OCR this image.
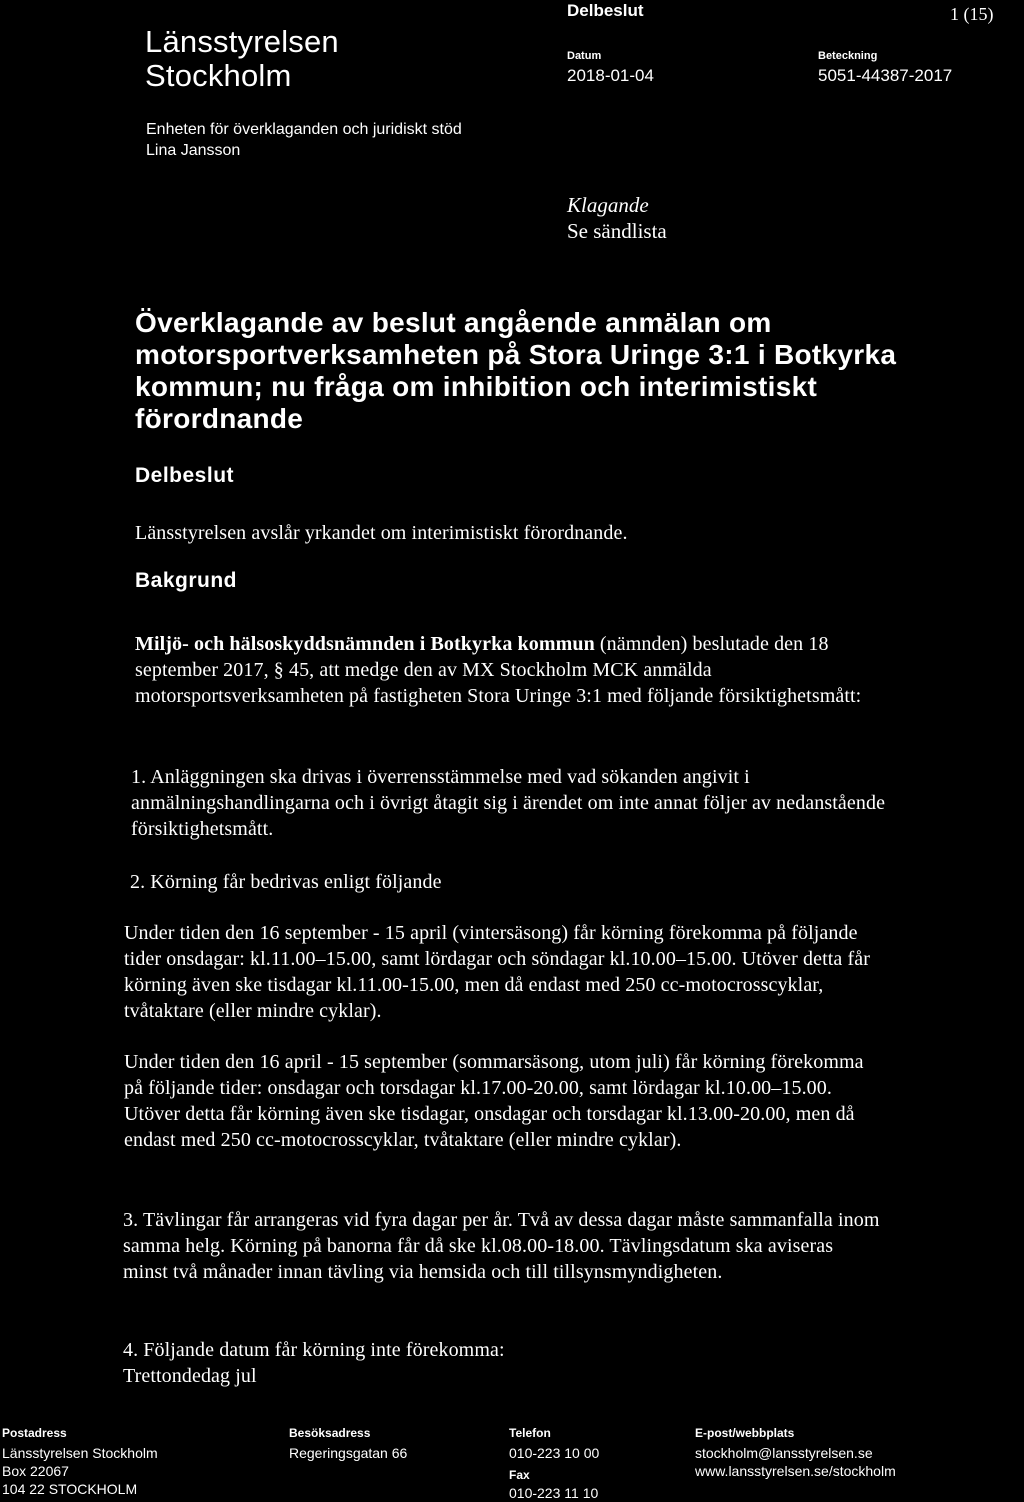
Länsstyrelsen
Stockholm
Delbeslut	1 (15)
Datum
2018-01-04
Beteckning
5051-44387-2017
Enheten för överklaganden och juridiskt stöd
Lina Jansson
Klagande
Se sändlista
Överklagande av beslut angående anmälan om motorsportverksamheten på Stora Uringe 3:1 i Botkyrka kommun; nu fråga om inhibition och interimistiskt förordnande
Delbeslut
Länsstyrelsen avslår yrkandet om interimistiskt förordnande.
Bakgrund
Miljö- och hälsoskyddsnämnden i Botkyrka kommun (nämnden) beslutade den 18 september 2017, § 45, att medge den av MX Stockholm MCK anmälda motorsportsverksamheten på fastigheten Stora Uringe 3:1 med följande försiktighetsmått:
1. Anläggningen ska drivas i överrensstämmelse med vad sökanden angivit i anmälningshandlingarna och i övrigt åtagit sig i ärendet om inte annat följer av nedanstående försiktighetsmått.
2. Körning får bedrivas enligt följande
Under tiden den 16 september - 15 april (vintersäsong) får körning förekomma på följande tider onsdagar: kl.11.00–15.00, samt lördagar och söndagar kl.10.00–15.00. Utöver detta får körning även ske tisdagar kl.11.00-15.00, men då endast med 250 cc-motocrosscyklar, tvåtaktare (eller mindre cyklar).
Under tiden den 16 april - 15 september (sommarsäsong, utom juli) får körning förekomma på följande tider: onsdagar och torsdagar kl.17.00-20.00, samt lördagar kl.10.00–15.00. Utöver detta får körning även ske tisdagar, onsdagar och torsdagar kl.13.00-20.00, men då endast med 250 cc-motocrosscyklar, tvåtaktare (eller mindre cyklar).
3. Tävlingar får arrangeras vid fyra dagar per år. Två av dessa dagar måste sammanfalla inom samma helg. Körning på banorna får då ske kl.08.00-18.00. Tävlingsdatum ska aviseras minst två månader innan tävling via hemsida och till tillsynsmyndigheten.
4. Följande datum får körning inte förekomma:
Trettondedag jul
Postadress
Länsstyrelsen Stockholm
Box 22067
104 22 STOCKHOLM
Besöksadress
Regeringsgatan 66
Telefon
010-223 10 00
Fax
010-223 11 10
E-post/webbplats
stockholm@lansstyrelsen.se
www.lansstyrelsen.se/stockholm
